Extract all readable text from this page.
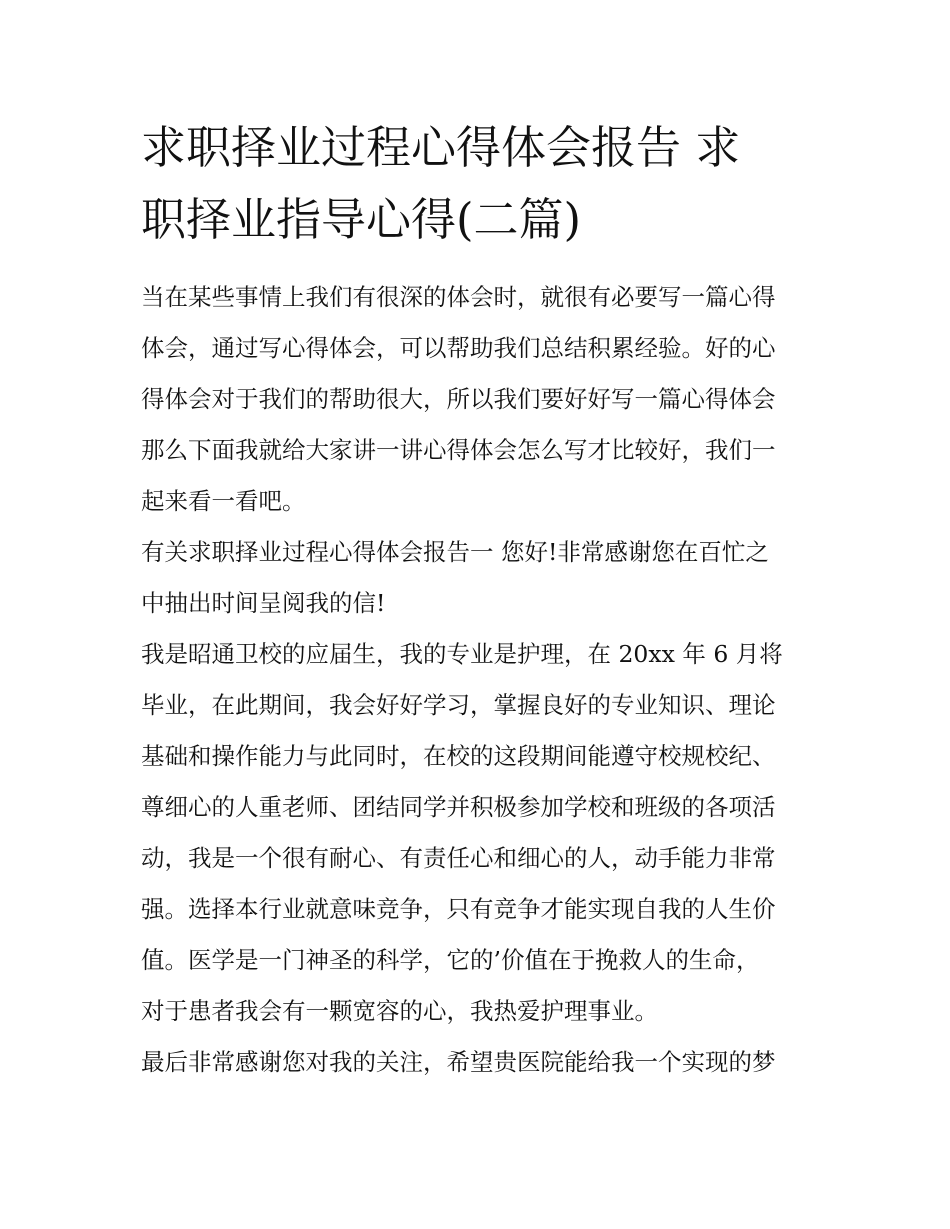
求职择业过程心得体会报告 求
职择业指导心得(二篇)

当在某些事情上我们有很深的体会时，就很有必要写一篇心得
体会，通过写心得体会，可以帮助我们总结积累经验。好的心
得体会对于我们的帮助很大，所以我们要好好写一篇心得体会
那么下面我就给大家讲一讲心得体会怎么写才比较好，我们一
起来看一看吧。

有关求职择业过程心得体会报告一 您好!非常感谢您在百忙之
中抽出时间呈阅我的信!

我是昭通卫校的应届生，我的专业是护理，在 20xx 年 6 月将
毕业，在此期间，我会好好学习，掌握良好的专业知识、理论
基础和操作能力与此同时，在校的这段期间能遵守校规校纪、
尊细心的人重老师、团结同学并积极参加学校和班级的各项活
动，我是一个很有耐心、有责任心和细心的人，动手能力非常
强。选择本行业就意味竞争，只有竞争才能实现自我的人生价
值。医学是一门神圣的科学，它的’价值在于挽救人的生命，
对于患者我会有一颗宽容的心，我热爱护理事业。

最后非常感谢您对我的关注，希望贵医院能给我一个实现的梦
